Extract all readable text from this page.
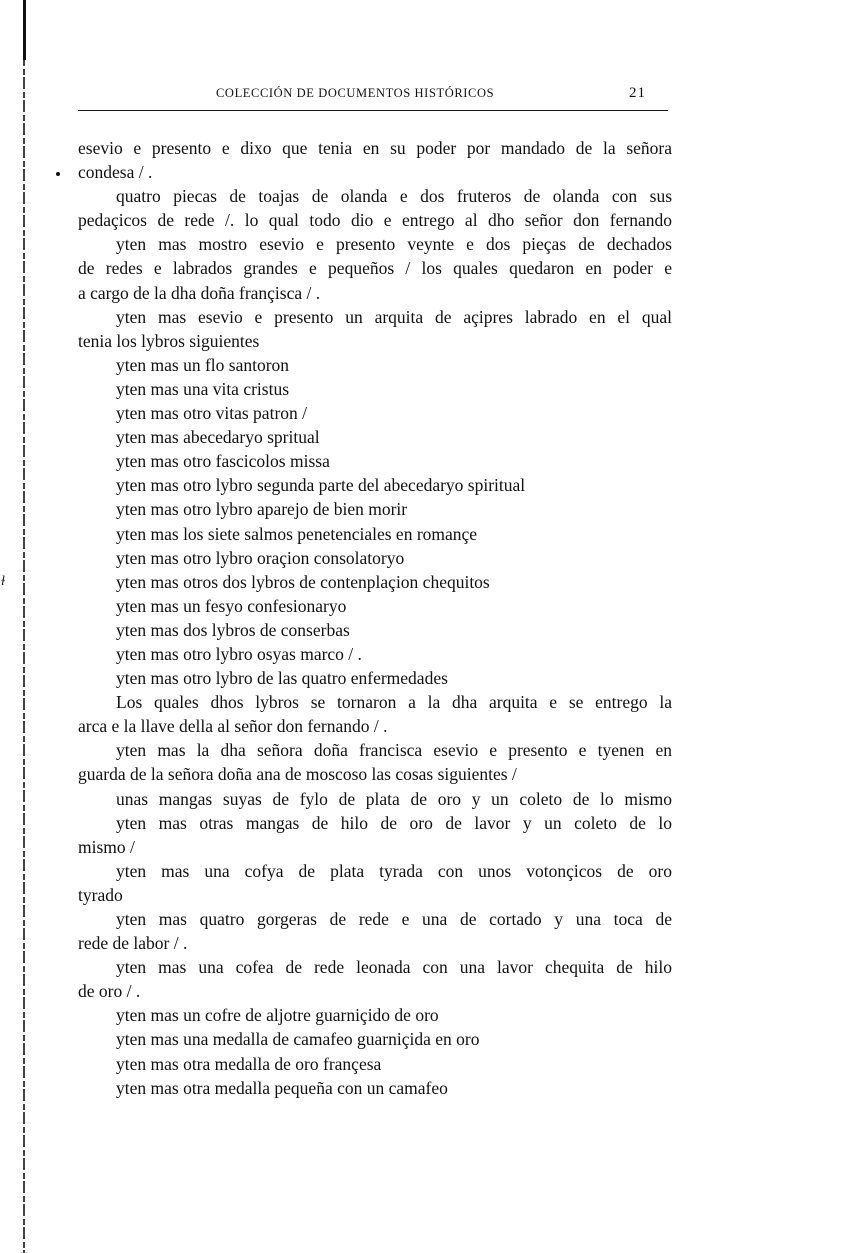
ɫ
COLECCIÓN DE DOCUMENTOS HISTÓRICOS	21
esevio e presento e dixo que tenia en su poder por mandado de la señora
condesa / .
quatro piecas de toajas de olanda e dos fruteros de olanda con sus
pedaçicos de rede /. lo qual todo dio e entrego al dho señor don fernando
yten mas mostro esevio e presento veynte e dos pieças de dechados
de redes e labrados grandes e pequeños / los quales quedaron en poder e
a cargo de la dha doña françisca / .
yten mas esevio e presento un arquita de açipres labrado en el qual
tenia los lybros siguientes
yten mas un flo santoron
yten mas una vita cristus
yten mas otro vitas patron /
yten mas abecedaryo spritual
yten mas otro fascicolos missa
yten mas otro lybro segunda parte del abecedaryo spiritual
yten mas otro lybro aparejo de bien morir
yten mas los siete salmos penetenciales en romançe
yten mas otro lybro oraçion consolatoryo
yten mas otros dos lybros de contenplaçion chequitos
yten mas un fesyo confesionaryo
yten mas dos lybros de conserbas
yten mas otro lybro osyas marco / .
yten mas otro lybro de las quatro enfermedades
Los quales dhos lybros se tornaron a la dha arquita e se entrego la
arca e la llave della al señor don fernando / .
yten mas la dha señora doña francisca esevio e presento e tyenen en
guarda de la señora doña ana de moscoso las cosas siguientes /
unas mangas suyas de fylo de plata de oro y un coleto de lo mismo
yten mas otras mangas de hilo de oro de lavor y un coleto de lo
mismo /
yten mas una cofya de plata tyrada con unos votonçicos de oro
tyrado
yten mas quatro gorgeras de rede e una de cortado y una toca de
rede de labor / .
yten mas una cofea de rede leonada con una lavor chequita de hilo
de oro / .
yten mas un cofre de aljotre guarniçido de oro
yten mas una medalla de camafeo guarniçida en oro
yten mas otra medalla de oro françesa
yten mas otra medalla pequeña con un camafeo
